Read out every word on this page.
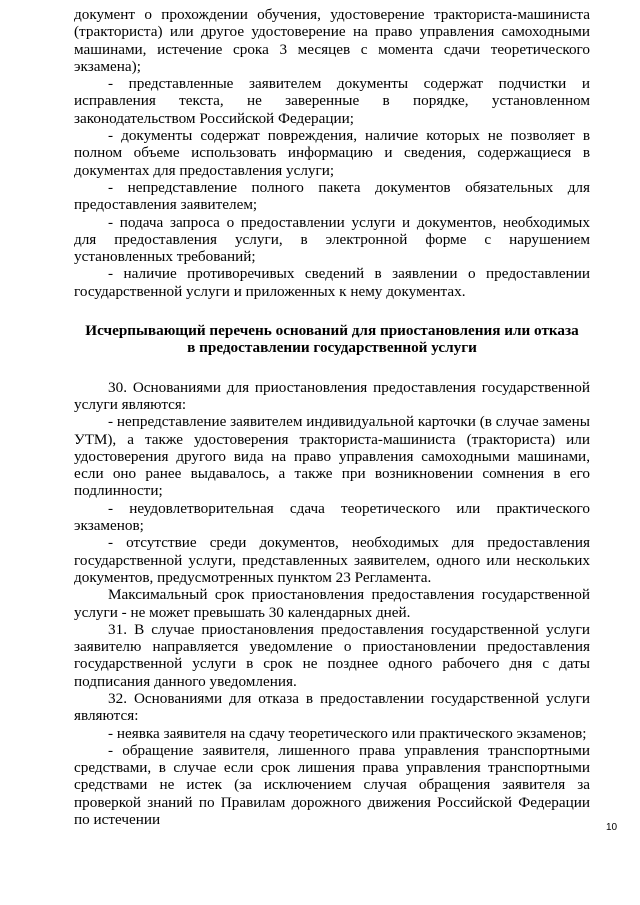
документ о прохождении обучения, удостоверение тракториста-машиниста (тракториста) или другое удостоверение на право управления самоходными машинами, истечение срока 3 месяцев с момента сдачи теоретического экзамена);

- представленные заявителем документы содержат подчистки и исправления текста, не заверенные в порядке, установленном законодательством Российской Федерации;

- документы содержат повреждения, наличие которых не позволяет в полном объеме использовать информацию и сведения, содержащиеся в документах для предоставления услуги;

- непредставление полного пакета документов обязательных для предоставления заявителем;

- подача запроса о предоставлении услуги и документов, необходимых для предоставления услуги, в электронной форме с нарушением установленных требований;

- наличие противоречивых сведений в заявлении о предоставлении государственной услуги и приложенных к нему документах.

Исчерпывающий перечень оснований для приостановления или отказа в предоставлении государственной услуги

30. Основаниями для приостановления предоставления государственной услуги являются:

- непредставление заявителем индивидуальной карточки (в случае замены УТМ), а также удостоверения тракториста-машиниста (тракториста) или удостоверения другого вида на право управления самоходными машинами, если оно ранее выдавалось, а также при возникновении сомнения в его подлинности;

- неудовлетворительная сдача теоретического или практического экзаменов;

- отсутствие среди документов, необходимых для предоставления государственной услуги, представленных заявителем, одного или нескольких документов, предусмотренных пунктом 23 Регламента.

Максимальный срок приостановления предоставления государственной услуги - не может превышать 30 календарных дней.

31. В случае приостановления предоставления государственной услуги заявителю направляется уведомление о приостановлении предоставления государственной услуги в срок не позднее одного рабочего дня с даты подписания данного уведомления.

32. Основаниями для отказа в предоставлении государственной услуги являются:

- неявка заявителя на сдачу теоретического или практического экзаменов;

- обращение заявителя, лишенного права управления транспортными средствами, в случае если срок лишения права управления транспортными средствами не истек (за исключением случая обращения заявителя за проверкой знаний по Правилам дорожного движения Российской Федерации по истечении	10
